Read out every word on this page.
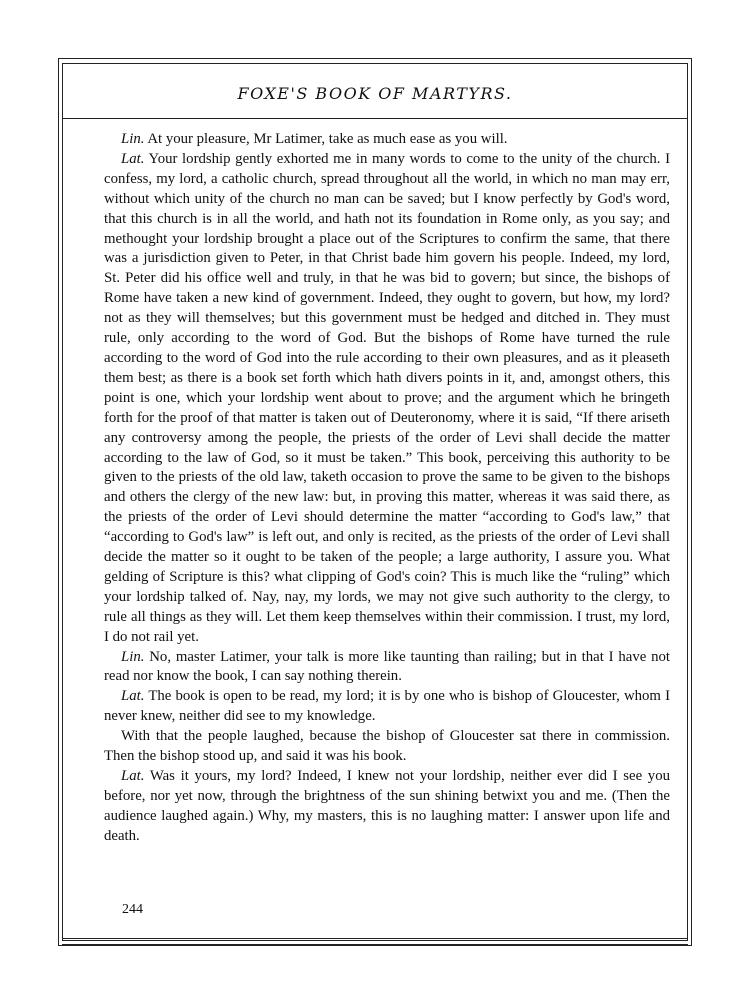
FOXE'S BOOK OF MARTYRS.

Lin. At your pleasure, Mr Latimer, take as much ease as you will.

Lat. Your lordship gently exhorted me in many words to come to the unity of the church. I confess, my lord, a catholic church, spread throughout all the world, in which no man may err, without which unity of the church no man can be saved; but I know perfectly by God's word, that this church is in all the world, and hath not its foundation in Rome only, as you say; and methought your lordship brought a place out of the Scriptures to confirm the same, that there was a jurisdiction given to Peter, in that Christ bade him govern his people. Indeed, my lord, St. Peter did his office well and truly, in that he was bid to govern; but since, the bishops of Rome have taken a new kind of government. Indeed, they ought to govern, but how, my lord? not as they will themselves; but this government must be hedged and ditched in. They must rule, only according to the word of God. But the bishops of Rome have turned the rule according to the word of God into the rule according to their own pleasures, and as it pleaseth them best; as there is a book set forth which hath divers points in it, and, amongst others, this point is one, which your lordship went about to prove; and the argument which he bringeth forth for the proof of that matter is taken out of Deuteronomy, where it is said, “If there ariseth any controversy among the people, the priests of the order of Levi shall decide the matter according to the law of God, so it must be taken.” This book, perceiving this authority to be given to the priests of the old law, taketh occasion to prove the same to be given to the bishops and others the clergy of the new law: but, in proving this matter, whereas it was said there, as the priests of the order of Levi should determine the matter “according to God's law,” that “according to God's law” is left out, and only is recited, as the priests of the order of Levi shall decide the matter so it ought to be taken of the people; a large authority, I assure you. What gelding of Scripture is this? what clipping of God's coin? This is much like the “ruling” which your lordship talked of. Nay, nay, my lords, we may not give such authority to the clergy, to rule all things as they will. Let them keep themselves within their commission. I trust, my lord, I do not rail yet.

Lin. No, master Latimer, your talk is more like taunting than railing; but in that I have not read nor know the book, I can say nothing therein.

Lat. The book is open to be read, my lord; it is by one who is bishop of Gloucester, whom I never knew, neither did see to my knowledge.

With that the people laughed, because the bishop of Gloucester sat there in commission. Then the bishop stood up, and said it was his book.

Lat. Was it yours, my lord? Indeed, I knew not your lordship, neither ever did I see you before, nor yet now, through the brightness of the sun shining betwixt you and me. (Then the audience laughed again.) Why, my masters, this is no laughing matter: I answer upon life and death.

244
